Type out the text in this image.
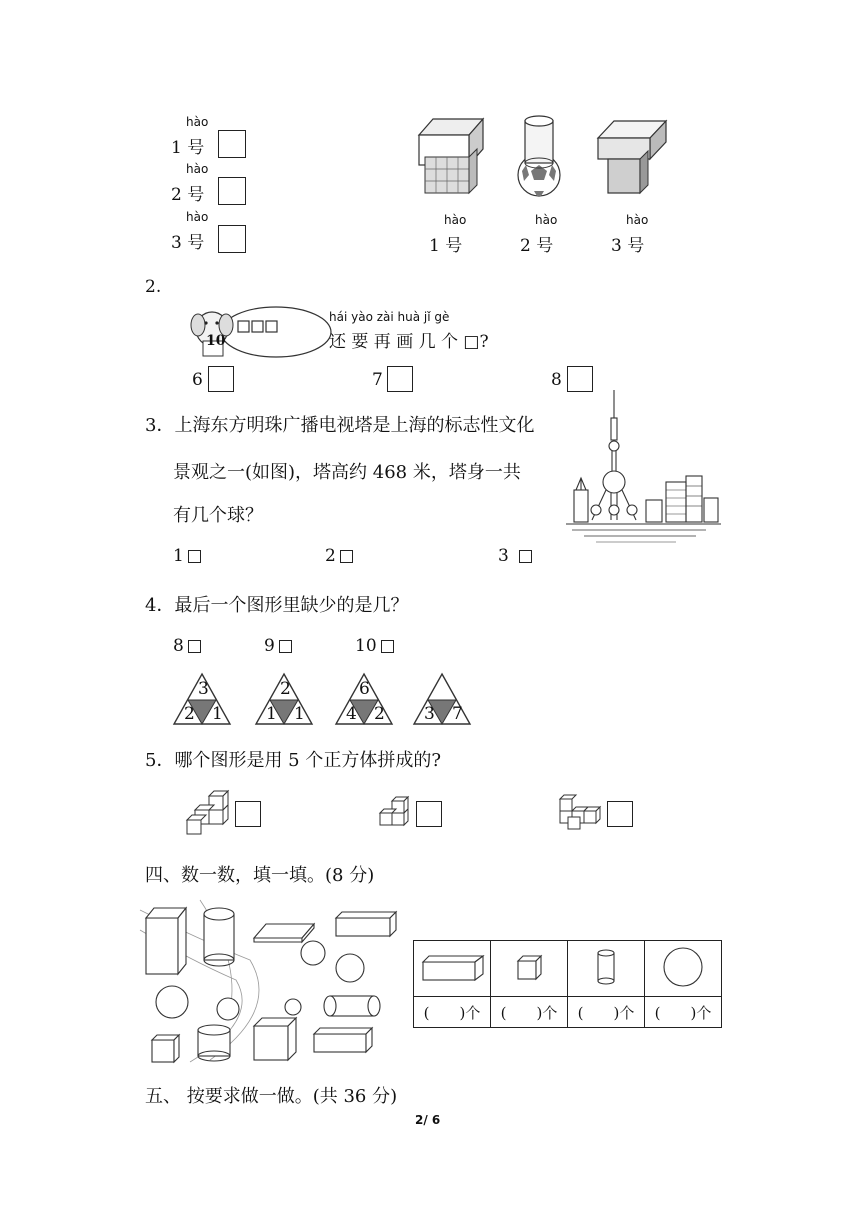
hào
1 号
hào
2 号
hào
3 号
hào
1 号
hào
2 号
hào
3 号
2.
10
hái yào zài huà jǐ gè
还 要 再 画 几 个 □?
6	7	8
3．上海东方明珠广播电视塔是上海的标志性文化
景观之一(如图)，塔高约 468 米，塔身一共
有几个球？
1	2	3
4．最后一个图形里缺少的是几？
8	9	10
3
2 1
2
1 1
6
4 2 3 7
5．哪个图形是用 5 个正方体拼成的?
四、数一数，填一填。(8 分)

(　　)个	(　　)个	(　　)个	(　　)个
五、 按要求做一做。(共 36 分)
2/ 6
